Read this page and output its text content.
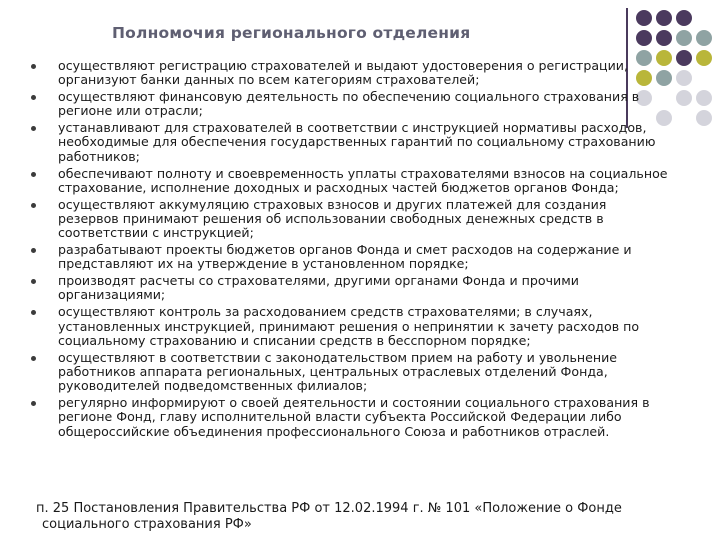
Полномочия регионального отделения
осуществляют регистрацию страхователей и выдают удостоверения о регистрации, организуют банки данных по всем категориям страхователей;
осуществляют финансовую деятельность по обеспечению социального страхования в регионе или отрасли;
устанавливают для страхователей в соответствии с инструкцией нормативы расходов, необходимые для обеспечения государственных гарантий по социальному страхованию работников;
обеспечивают полноту и своевременность уплаты страхователями взносов на социальное страхование, исполнение доходных и расходных частей бюджетов органов Фонда;
осуществляют аккумуляцию страховых взносов и других платежей для создания резервов принимают решения об использовании свободных денежных средств в соответствии с инструкцией;
разрабатывают проекты бюджетов органов Фонда и смет расходов на содержание и представляют их на утверждение в установленном порядке;
производят расчеты со страхователями, другими органами Фонда и прочими организациями;
осуществляют контроль за расходованием средств страхователями; в случаях, установленных инструкцией, принимают решения о непринятии к зачету расходов по социальному страхованию и списании средств в бесспорном порядке;
осуществляют в соответствии с законодательством прием на работу и увольнение работников аппарата региональных, центральных отраслевых отделений Фонда, руководителей подведомственных филиалов;
регулярно информируют о своей деятельности и состоянии социального страхования в регионе Фонд, главу исполнительной власти субъекта Российской Федерации либо общероссийские объединения профессионального Союза и работников отраслей.
п. 25 Постановления Правительства РФ от 12.02.1994 г. № 101 «Положение о Фонде социального страхования РФ»
